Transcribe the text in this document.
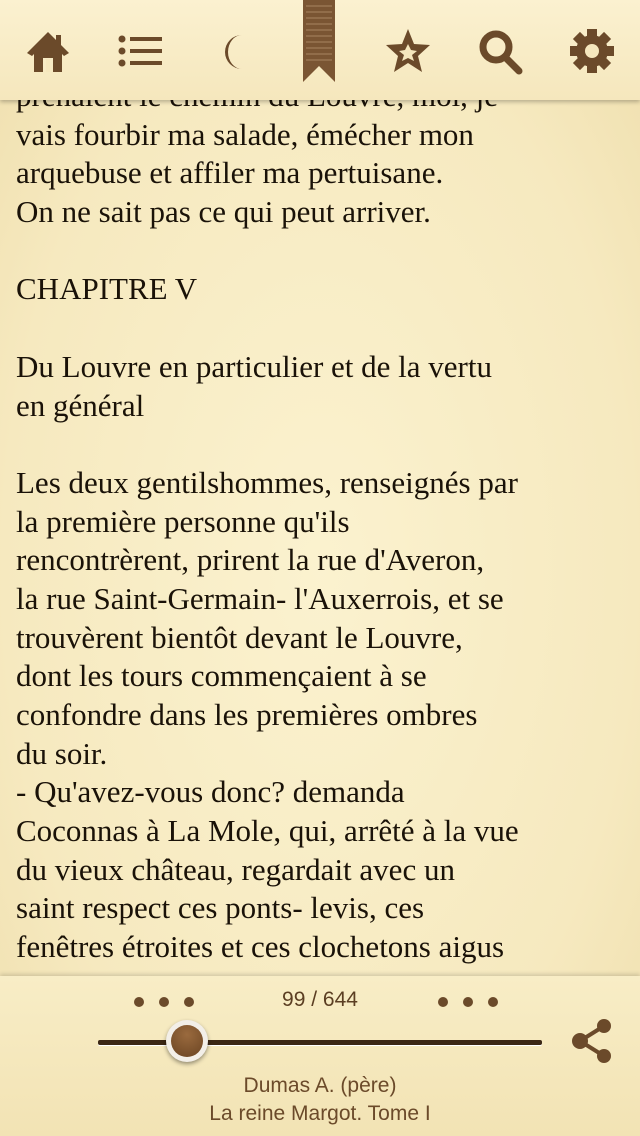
vais fourbir ma salade, émécher mon
arquebuse et affiler ma pertuisane.
On ne sait pas ce qui peut arriver.
CHAPITRE V
Du Louvre en particulier et de la vertu
en général
Les deux gentilshommes, renseignés par
la première personne qu'ils
rencontrèrent, prirent la rue d'Averon,
la rue Saint-Germain- l'Auxerrois, et se
trouvèrent bientôt devant le Louvre,
dont les tours commençaient à se
confondre dans les premières ombres
du soir.
- Qu'avez-vous donc? demanda
Coconnas à La Mole, qui, arrêté à la vue
du vieux château, regardait avec un
saint respect ces ponts- levis, ces
fenêtres étroites et ces clochetons aigus
99 / 644
Dumas A. (père)
La reine Margot. Tome I
